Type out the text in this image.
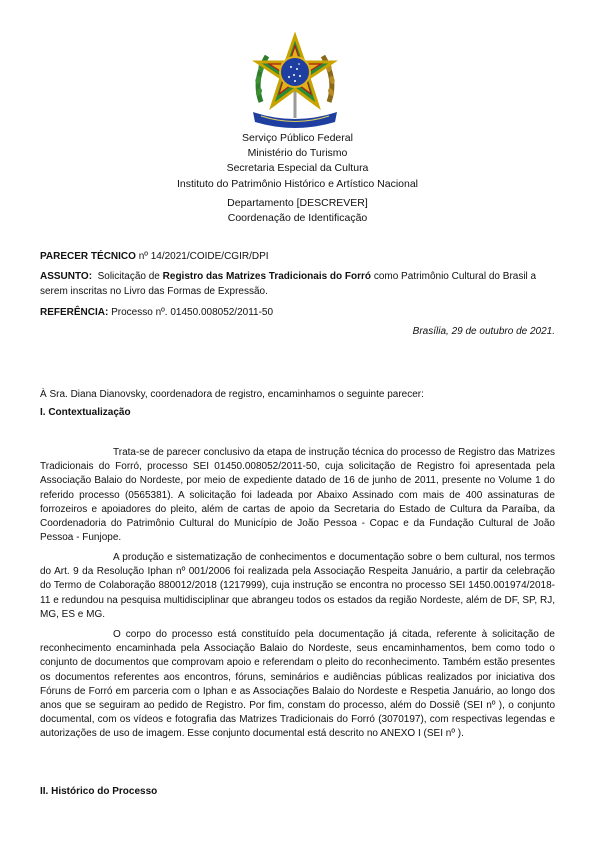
Serviço Público Federal
Ministério do Turismo
Secretaria Especial da Cultura
Instituto do Patrimônio Histórico e Artístico Nacional
Departamento [DESCREVER]
Coordenação de Identificação
PARECER TÉCNICO nº 14/2021/COIDE/CGIR/DPI
ASSUNTO:  Solicitação de Registro das Matrizes Tradicionais do Forró como Patrimônio Cultural do Brasil a serem inscritas no Livro das Formas de Expressão.
REFERÊNCIA: Processo nº. 01450.008052/2011-50
Brasília, 29 de outubro de 2021.
À Sra. Diana Dianovsky, coordenadora de registro, encaminhamos o seguinte parecer:
I. Contextualização
Trata-se de parecer conclusivo da etapa de instrução técnica do processo de Registro das Matrizes Tradicionais do Forró, processo SEI 01450.008052/2011-50, cuja solicitação de Registro foi apresentada pela Associação Balaio do Nordeste, por meio de expediente datado de 16 de junho de 2011, presente no Volume 1 do referido processo (0565381). A solicitação foi ladeada por Abaixo Assinado com mais de 400 assinaturas de forrozeiros e apoiadores do pleito, além de cartas de apoio da Secretaria do Estado de Cultura da Paraíba, da Coordenadoria do Patrimônio Cultural do Município de João Pessoa - Copac e da Fundação Cultural de João Pessoa - Funjope.
A produção e sistematização de conhecimentos e documentação sobre o bem cultural, nos termos do Art. 9 da Resolução Iphan nº 001/2006 foi realizada pela Associação Respeita Januário, a partir da celebração do Termo de Colaboração 880012/2018 (1217999), cuja instrução se encontra no processo SEI 1450.001974/2018-11 e redundou na pesquisa multidisciplinar que abrangeu todos os estados da região Nordeste, além de DF, SP, RJ, MG, ES e MG.
O corpo do processo está constituído pela documentação já citada, referente à solicitação de reconhecimento encaminhada pela Associação Balaio do Nordeste, seus encaminhamentos, bem como todo o conjunto de documentos que comprovam apoio e referendam o pleito do reconhecimento. Também estão presentes os documentos referentes aos encontros, fóruns, seminários e audiências públicas realizados por iniciativa dos Fóruns de Forró em parceria com o Iphan e as Associações Balaio do Nordeste e Respetia Januário, ao longo dos anos que se seguiram ao pedido de Registro. Por fim, constam do processo, além do Dossiê (SEI nº ), o conjunto documental, com os vídeos e fotografia das Matrizes Tradicionais do Forró (3070197), com respectivas legendas e autorizações de uso de imagem. Esse conjunto documental está descrito no ANEXO I (SEI nº ).
II. Histórico do Processo
